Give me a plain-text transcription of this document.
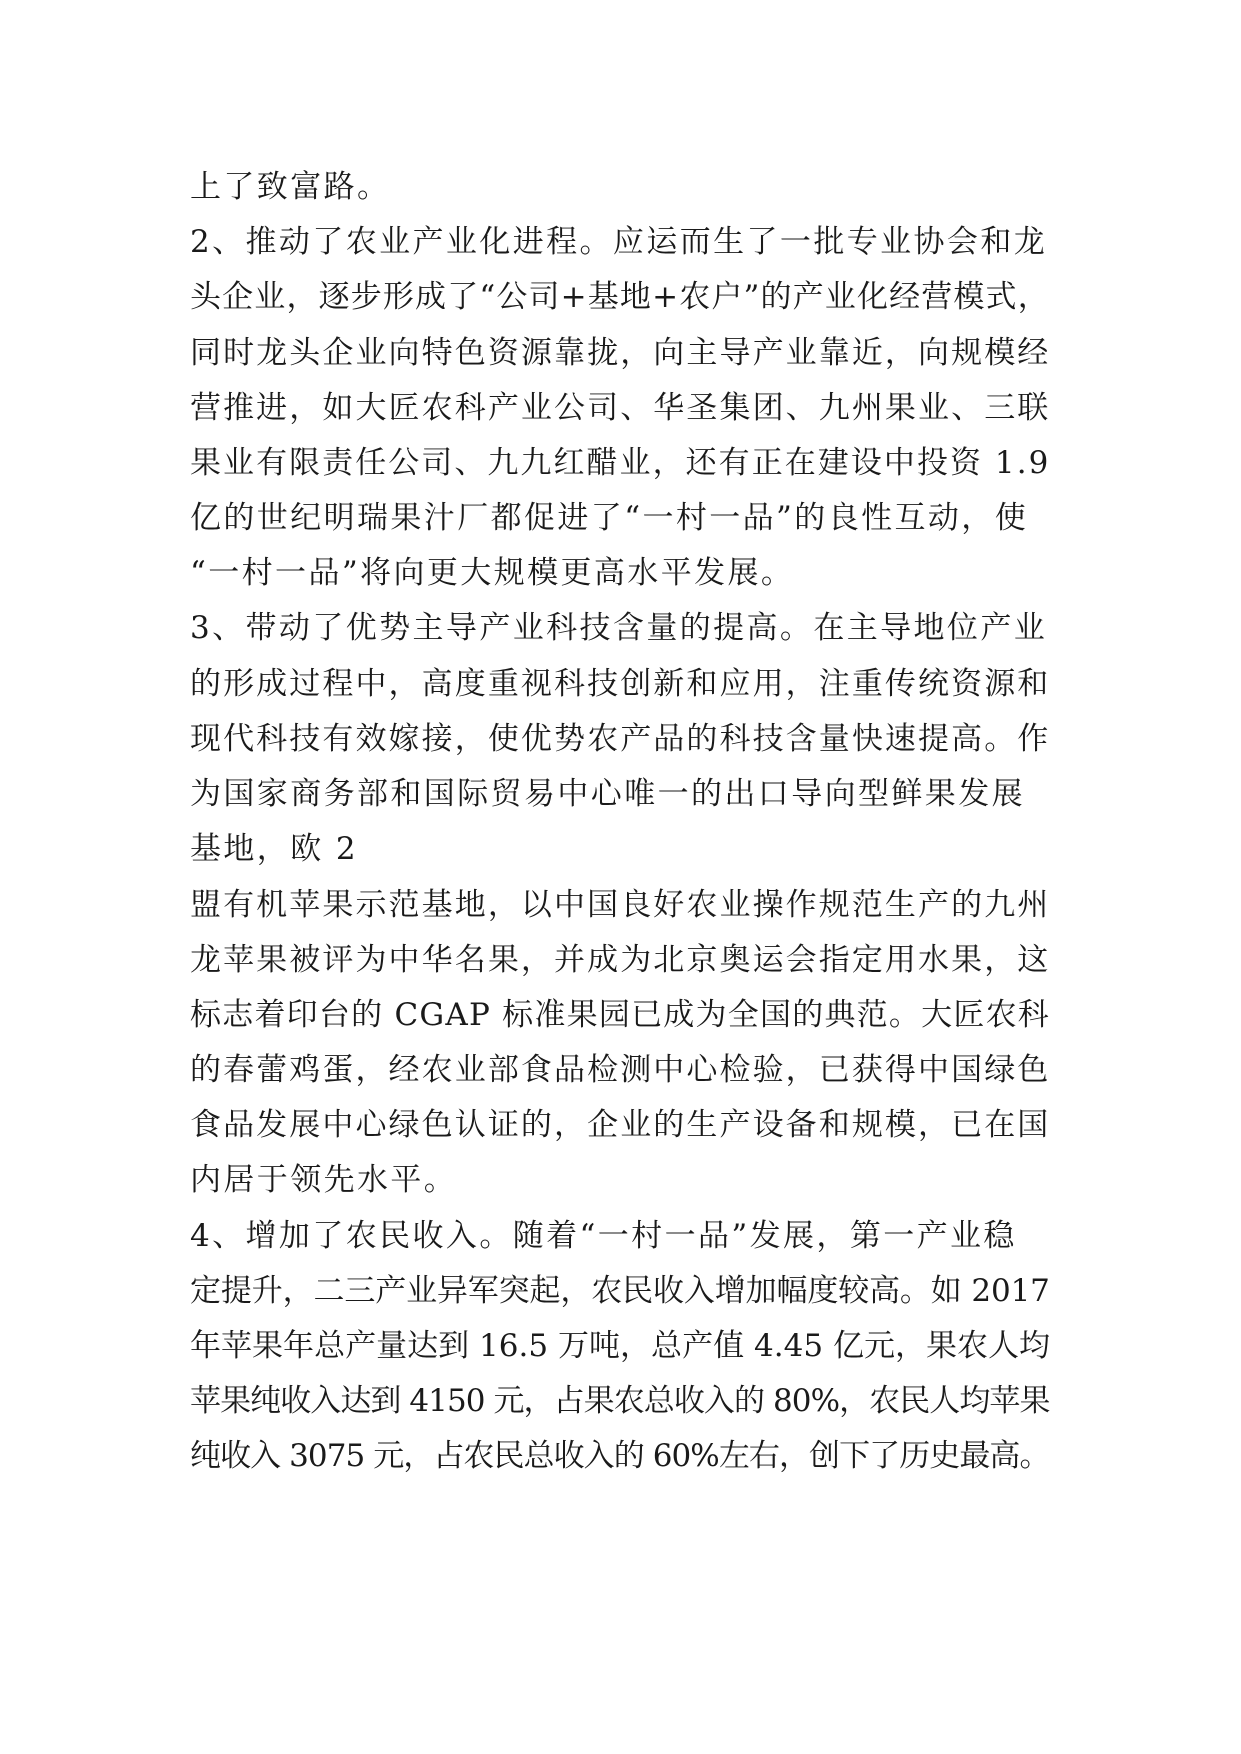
上了致富路。
2、推动了农业产业化进程。应运而生了一批专业协会和龙
头企业，逐步形成了“公司+基地+农户”的产业化经营模式，
同时龙头企业向特色资源靠拢，向主导产业靠近，向规模经
营推进，如大匠农科产业公司、华圣集团、九州果业、三联
果业有限责任公司、九九红醋业，还有正在建设中投资 1.9
亿的世纪明瑞果汁厂都促进了“一村一品”的良性互动，使
“一村一品”将向更大规模更高水平发展。
3、带动了优势主导产业科技含量的提高。在主导地位产业
的形成过程中，高度重视科技创新和应用，注重传统资源和
现代科技有效嫁接，使优势农产品的科技含量快速提高。作
为国家商务部和国际贸易中心唯一的出口导向型鲜果发展
基地，欧 2
盟有机苹果示范基地，以中国良好农业操作规范生产的九州
龙苹果被评为中华名果，并成为北京奥运会指定用水果，这
标志着印台的 CGAP 标准果园已成为全国的典范。大匠农科
的春蕾鸡蛋，经农业部食品检测中心检验，已获得中国绿色
食品发展中心绿色认证的，企业的生产设备和规模，已在国
内居于领先水平。
4、增加了农民收入。随着“一村一品”发展，第一产业稳
定提升，二三产业异军突起，农民收入增加幅度较高。如 2017
年苹果年总产量达到 16.5 万吨，总产值 4.45 亿元，果农人均
苹果纯收入达到 4150 元，占果农总收入的 80%，农民人均苹果
纯收入 3075 元，占农民总收入的 60%左右，创下了历史最高。
